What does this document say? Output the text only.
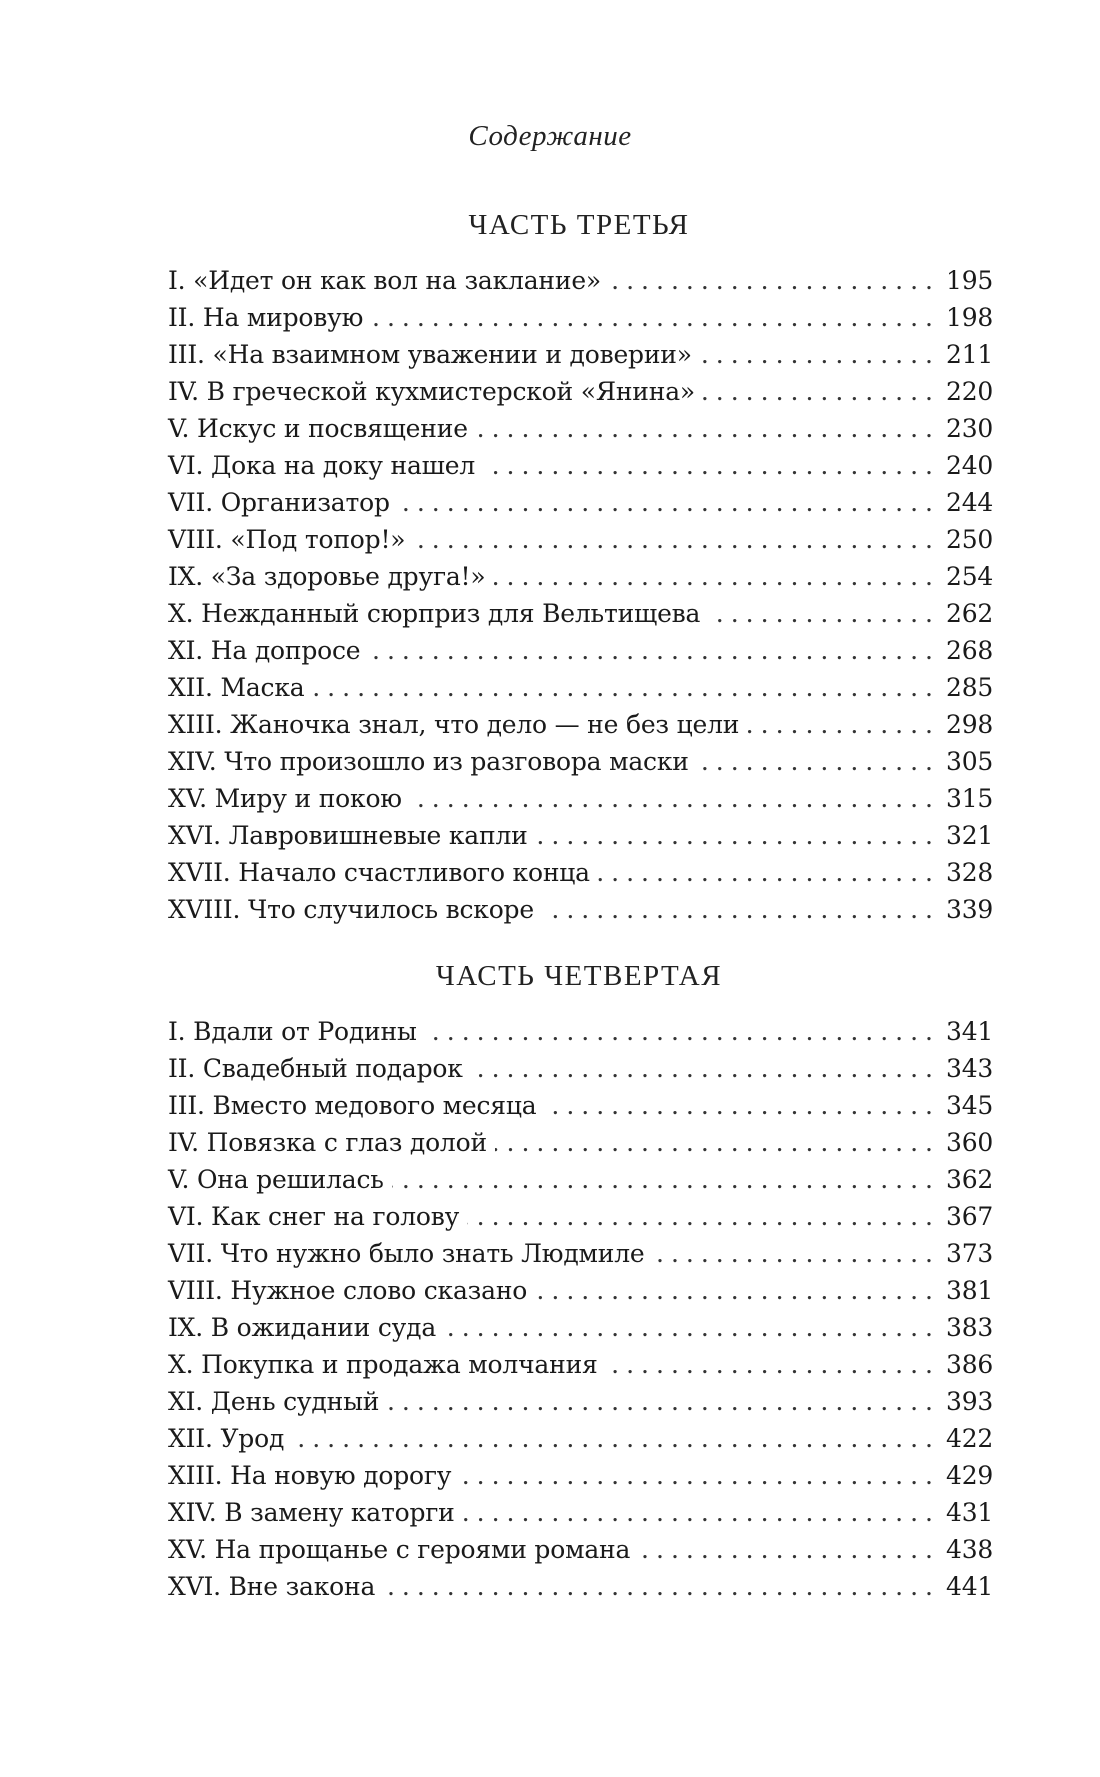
Содержание
ЧАСТЬ ТРЕТЬЯ
I. «Идет он как вол на заклание» .....	195
II. На мировую .....	198
III. «На взаимном уважении и доверии» .....	211
IV. В греческой кухмистерской «Янина» .....	220
V. Искус и посвящение .....	230
VI. Дока на доку нашел .....	240
VII. Организатор .....	244
VIII. «Под топор!» .....	250
IX. «За здоровье друга!» .....	254
X. Нежданный сюрприз для Вельтищева .....	262
XI. На допросе .....	268
XII. Маска .....	285
XIII. Жаночка знал, что дело — не без цели .....	298
XIV. Что произошло из разговора маски .....	305
XV. Миру и покою .....	315
XVI. Лавровишневые капли .....	321
XVII. Начало счастливого конца .....	328
XVIII. Что случилось вскоре .....	339
ЧАСТЬ ЧЕТВЕРТАЯ
I. Вдали от Родины .....	341
II. Свадебный подарок .....	343
III. Вместо медового месяца .....	345
IV. Повязка с глаз долой .....	360
V. Она решилась .....	362
VI. Как снег на голову .....	367
VII. Что нужно было знать Людмиле .....	373
VIII. Нужное слово сказано .....	381
IX. В ожидании суда .....	383
X. Покупка и продажа молчания .....	386
XI. День судный .....	393
XII. Урод .....	422
XIII. На новую дорогу .....	429
XIV. В замену каторги .....	431
XV. На прощанье с героями романа .....	438
XVI. Вне закона .....	441
